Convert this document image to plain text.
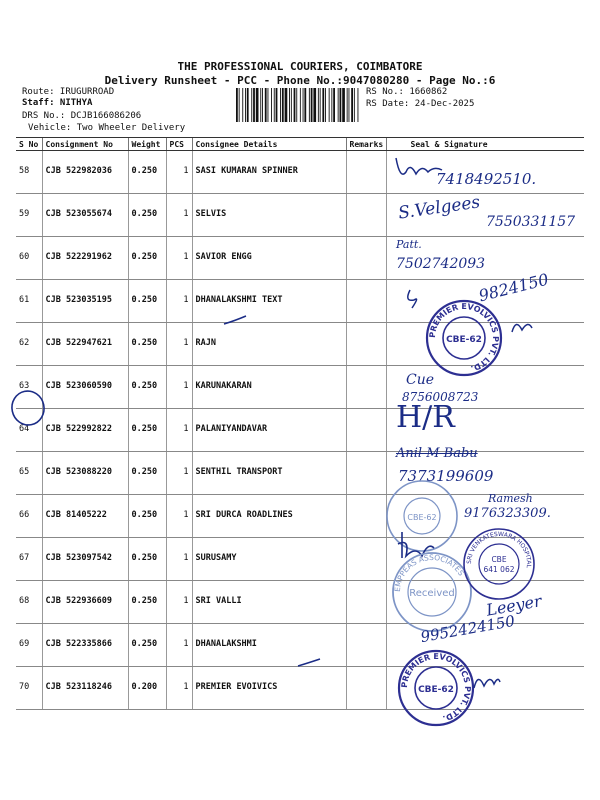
THE PROFESSIONAL COURIERS, COIMBATORE
Delivery Runsheet - PCC - Phone No.:9047080280 - Page No.:6
Route: IRUGURROAD
Staff: NITHYA
DRS No.: DCJB166086206
Vehicle: Two Wheeler Delivery
RS No.: 1660862
RS Date: 24-Dec-2025
S No	Consignment No	Weight	PCS	Consignee Details	Remarks	Seal & Signature
58	CJB 522982036	0.250	1	SASI KUMARAN SPINNER		
59	CJB 523055674	0.250	1	SELVIS		
60	CJB 522291962	0.250	1	SAVIOR ENGG		
61	CJB 523035195	0.250	1	DHANALAKSHMI TEXT		
62	CJB 522947621	0.250	1	RAJN		
63	CJB 523060590	0.250	1	KARUNAKARAN		
64	CJB 522992822	0.250	1	PALANIYANDAVAR		
65	CJB 523088220	0.250	1	SENTHIL TRANSPORT		
66	CJB 81405222	0.250	1	SRI DURCA ROADLINES		
67	CJB 523097542	0.250	1	SURUSAMY		
68	CJB 522936609	0.250	1	SRI VALLI		
69	CJB 522335866	0.250	1	DHANALAKSHMI		
70	CJB 523118246	0.200	1	PREMIER EVOIVICS		
7418492510.
S.Velgees 7550331157
Patt.
7502742093
9824150
PREMIER EVOLVICS PVT. LTD.
CBE-62
Cue
8756008723
H/R
Anil M Babu
7373199609
CBE-62
Ramesh
9176323309.
EMPPEAS ASSOCIATES
Received
SRI VENKATESWARA HOSPITAL
CBE
641 062
Leeyer
9952424150
PREMIER EVOLVICS PVT. LTD.
CBE-62
